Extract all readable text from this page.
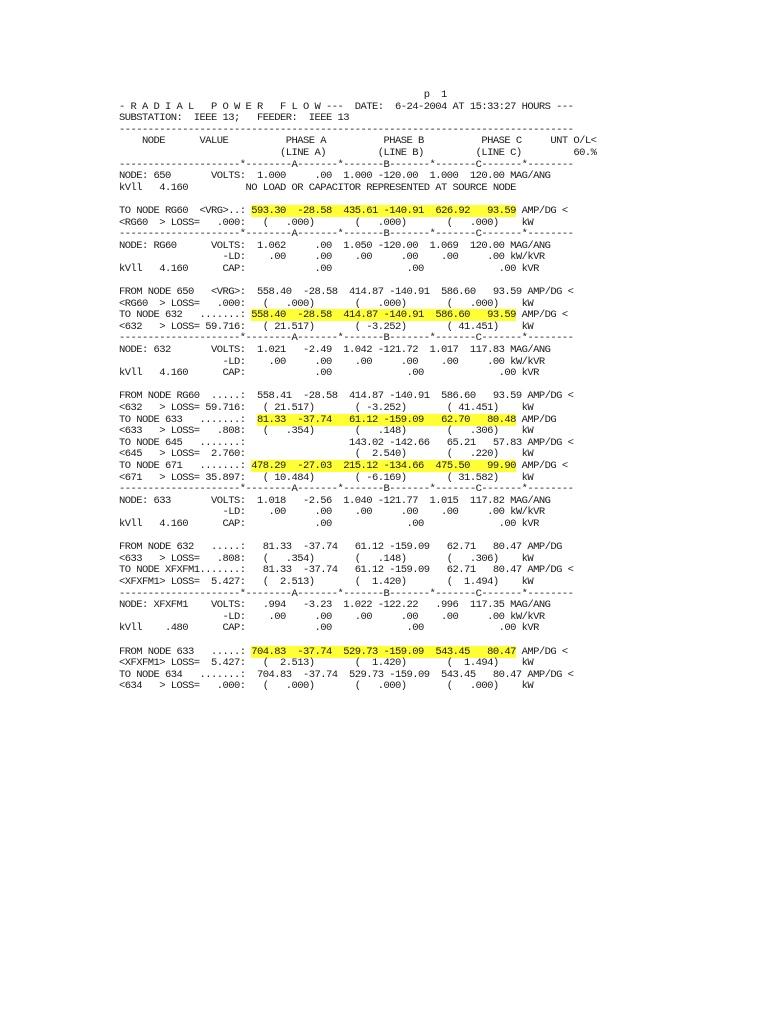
p  1
- R A D I A L   P O W E R   F L O W ---  DATE:  6-24-2004 AT 15:33:27 HOURS ---
SUBSTATION:  IEEE 13;   FEEDER:  IEEE 13
-------------------------------------------------------------------------------
NODE      VALUE          PHASE A          PHASE B          PHASE C     UNT O/L<
(LINE A)         (LINE B)         (LINE C)         60.%
---------------------*--------A-------*-------B-------*-------C-------*--------
NODE: 650       VOLTS:  1.000     .00  1.000 -120.00  1.000  120.00 MAG/ANG
kVll   4.160          NO LOAD OR CAPACITOR REPRESENTED AT SOURCE NODE
TO NODE RG60  <VRG>..: 593.30  -28.58  435.61 -140.91  626.92   93.59 AMP/DG <
<RG60  > LOSS=   .000:   (   .000)       (   .000)       (   .000)    kW
---------------------*--------A-------*-------B-------*-------C-------*--------
NODE: RG60      VOLTS:  1.062     .00  1.050 -120.00  1.069  120.00 MAG/ANG
-LD:    .00     .00    .00     .00    .00     .00 kW/kVR
kVll   4.160      CAP:            .00             .00             .00 kVR
FROM NODE 650   <VRG>:  558.40  -28.58  414.87 -140.91  586.60   93.59 AMP/DG <
<RG60  > LOSS=   .000:   (   .000)       (   .000)       (   .000)    kW
TO NODE 632   .......: 558.40  -28.58  414.87 -140.91  586.60   93.59 AMP/DG <
<632   > LOSS= 59.716:   ( 21.517)       ( -3.252)       ( 41.451)    kW
---------------------*--------A-------*-------B-------*-------C-------*--------
NODE: 632       VOLTS:  1.021   -2.49  1.042 -121.72  1.017  117.83 MAG/ANG
-LD:    .00     .00    .00     .00    .00     .00 kW/kVR
kVll   4.160      CAP:            .00             .00             .00 kVR
FROM NODE RG60  .....:  558.41  -28.58  414.87 -140.91  586.60   93.59 AMP/DG <
<632   > LOSS= 59.716:   ( 21.517)       ( -3.252)       ( 41.451)    kW
TO NODE 633   .......:  81.33  -37.74   61.12 -159.09   62.70   80.48 AMP/DG
<633   > LOSS=   .808:   (   .354)       (   .148)       (   .306)    kW
TO NODE 645   .......:                  143.02 -142.66   65.21   57.83 AMP/DG <
<645   > LOSS=  2.760:                   (  2.540)       (   .220)    kW
TO NODE 671   .......: 478.29  -27.03  215.12 -134.66  475.50   99.90 AMP/DG <
<671   > LOSS= 35.897:   ( 10.484)       ( -6.169)       ( 31.582)    kW
---------------------*--------A-------*-------B-------*-------C-------*--------
NODE: 633       VOLTS:  1.018   -2.56  1.040 -121.77  1.015  117.82 MAG/ANG
-LD:    .00     .00    .00     .00    .00     .00 kW/kVR
kVll   4.160      CAP:            .00             .00             .00 kVR
FROM NODE 632   .....:   81.33  -37.74   61.12 -159.09   62.71   80.47 AMP/DG
<633   > LOSS=   .808:   (   .354)       (   .148)       (   .306)    kW
TO NODE XFXFM1.......:   81.33  -37.74   61.12 -159.09   62.71   80.47 AMP/DG <
<XFXFM1> LOSS=  5.427:   (  2.513)       (  1.420)       (  1.494)    kW
---------------------*--------A-------*-------B-------*-------C-------*--------
NODE: XFXFM1    VOLTS:   .994   -3.23  1.022 -122.22   .996  117.35 MAG/ANG
-LD:    .00     .00    .00     .00    .00     .00 kW/kVR
kVll    .480      CAP:            .00             .00             .00 kVR
FROM NODE 633   .....: 704.83  -37.74  529.73 -159.09  543.45   80.47 AMP/DG <
<XFXFM1> LOSS=  5.427:   (  2.513)       (  1.420)       (  1.494)    kW
TO NODE 634   .......:  704.83  -37.74  529.73 -159.09  543.45   80.47 AMP/DG <
<634   > LOSS=   .000:   (   .000)       (   .000)       (   .000)    kW
